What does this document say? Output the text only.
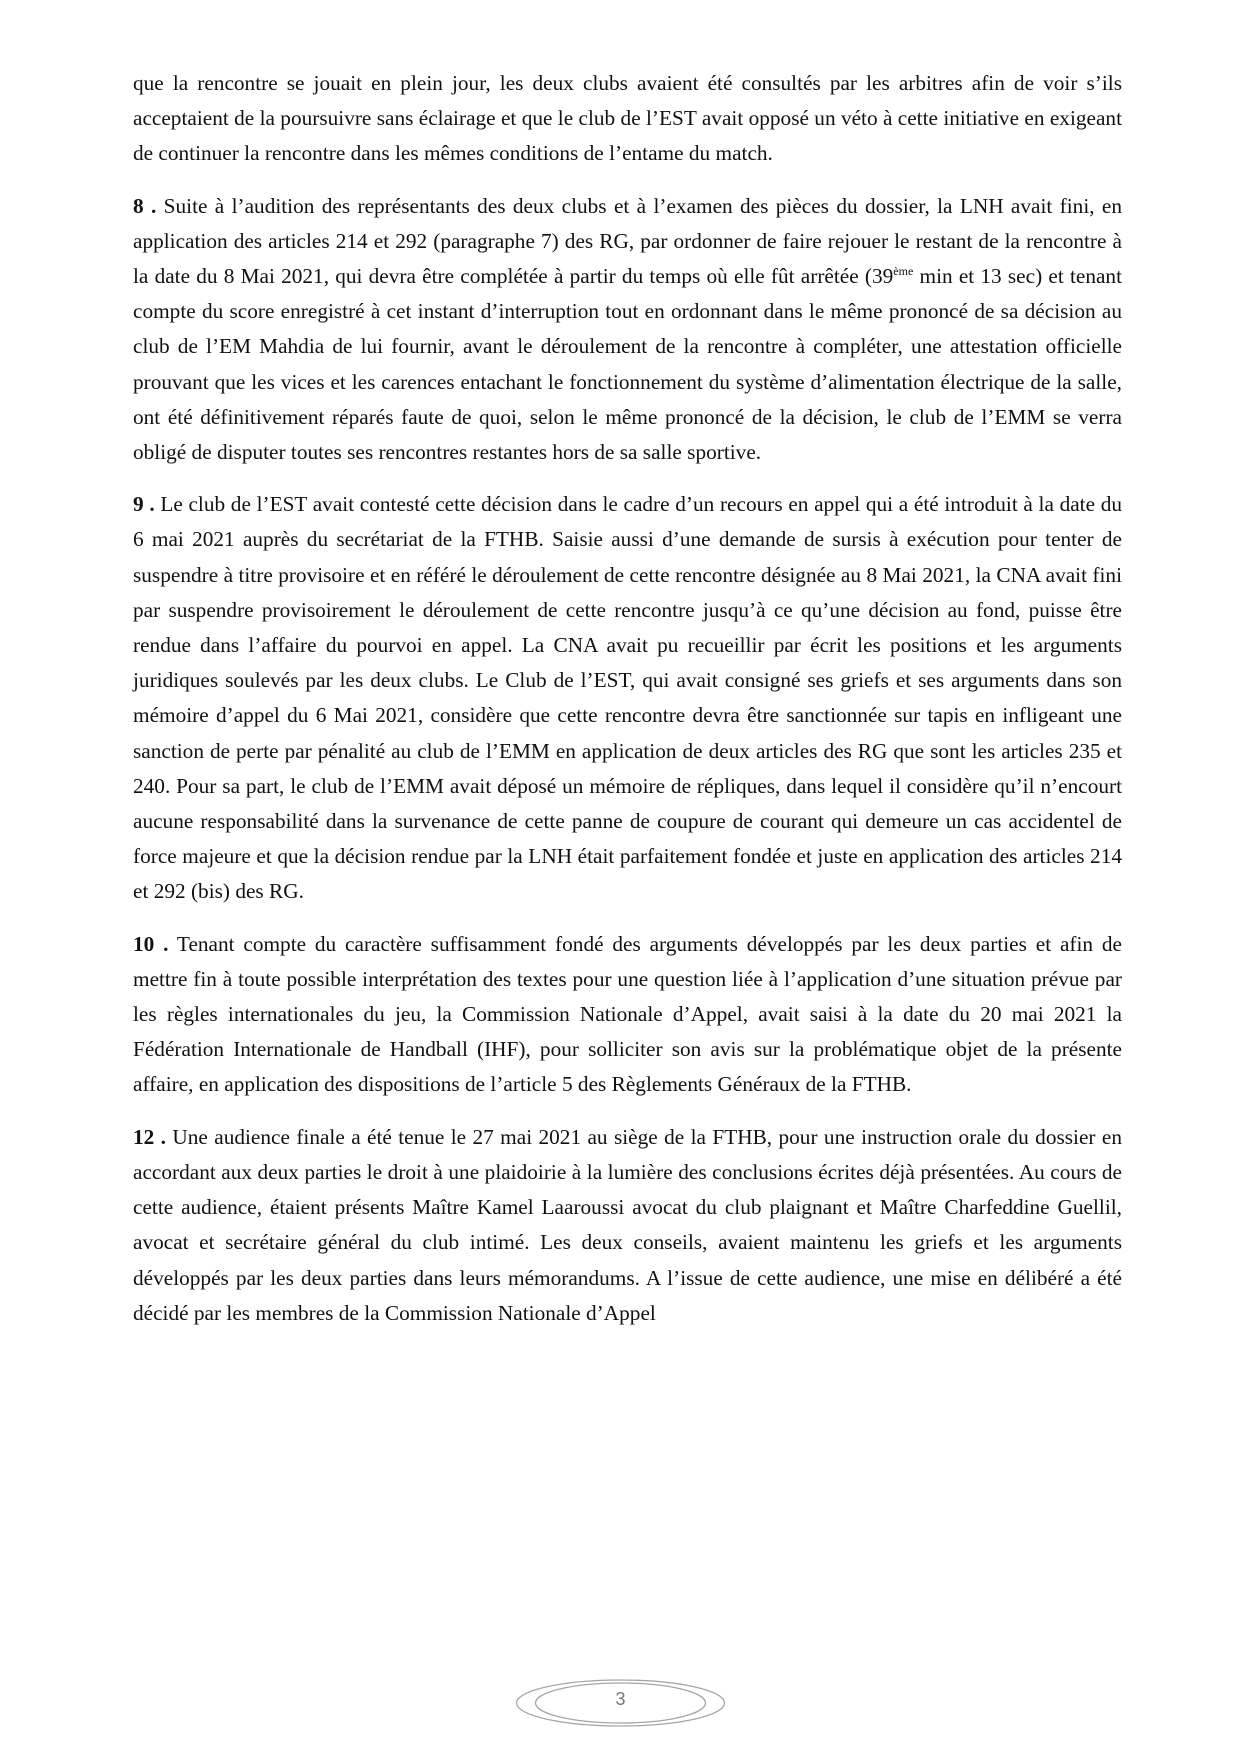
que la rencontre se jouait en plein jour, les deux clubs avaient été consultés par les arbitres afin de voir s’ils acceptaient de la poursuivre sans éclairage et que le club de l’EST avait opposé un véto à cette initiative en exigeant de continuer la rencontre dans les mêmes conditions de l’entame du match.

8 . Suite à l’audition des représentants des deux clubs et à l’examen des pièces du dossier, la LNH avait fini, en application des articles 214 et 292 (paragraphe 7) des RG, par ordonner de faire rejouer le restant de la rencontre à la date du 8 Mai 2021, qui devra être complétée à partir du temps où elle fût arrêtée (39ème min et 13 sec) et tenant compte du score enregistré à cet instant d’interruption tout en ordonnant dans le même prononcé de sa décision au club de l’EM Mahdia de lui fournir, avant le déroulement de la rencontre à compléter, une attestation officielle prouvant que les vices et les carences entachant le fonctionnement du système d’alimentation électrique de la salle, ont été définitivement réparés faute de quoi, selon le même prononcé de la décision, le club de l’EMM se verra obligé de disputer toutes ses rencontres restantes hors de sa salle sportive.

9 . Le club de l’EST avait contesté cette décision dans le cadre d’un recours en appel qui a été introduit à la date du 6 mai 2021 auprès du secrétariat de la FTHB. Saisie aussi d’une demande de sursis à exécution pour tenter de suspendre à titre provisoire et en référé le déroulement de cette rencontre désignée au 8 Mai 2021, la CNA avait fini par suspendre provisoirement le déroulement de cette rencontre jusqu’à ce qu’une décision au fond, puisse être rendue dans l’affaire du pourvoi en appel. La CNA avait pu recueillir par écrit les positions et les arguments juridiques soulevés par les deux clubs. Le Club de l’EST, qui avait consigné ses griefs et ses arguments dans son mémoire d’appel du 6 Mai 2021, considère que cette rencontre devra être sanctionnée sur tapis en infligeant une sanction de perte par pénalité au club de l’EMM en application de deux articles des RG que sont les articles 235 et 240. Pour sa part, le club de l’EMM avait déposé un mémoire de répliques, dans lequel il considère qu’il n’encourt aucune responsabilité dans la survenance de cette panne de coupure de courant qui demeure un cas accidentel de force majeure et que la décision rendue par la LNH était parfaitement fondée et juste en application des articles 214 et 292 (bis) des RG.

10 . Tenant compte du caractère suffisamment fondé des arguments développés par les deux parties et afin de mettre fin à toute possible interprétation des textes pour une question liée à l’application d’une situation prévue par les règles internationales du jeu, la Commission Nationale d’Appel, avait saisi à la date du 20 mai 2021 la Fédération Internationale de Handball (IHF), pour solliciter son avis sur la problématique objet de la présente affaire, en application des dispositions de l’article 5 des Règlements Généraux de la FTHB.

12 . Une audience finale a été tenue le 27 mai 2021 au siège de la FTHB, pour une instruction orale du dossier en accordant aux deux parties le droit à une plaidoirie à la lumière des conclusions écrites déjà présentées. Au cours de cette audience, étaient présents Maître Kamel Laaroussi avocat du club plaignant et Maître Charfeddine Guellil, avocat et secrétaire général du club intimé. Les deux conseils, avaient maintenu les griefs et les arguments développés par les deux parties dans leurs mémorandums. A l’issue de cette audience, une mise en délibéré a été décidé par les membres de la Commission Nationale d’Appel

3
